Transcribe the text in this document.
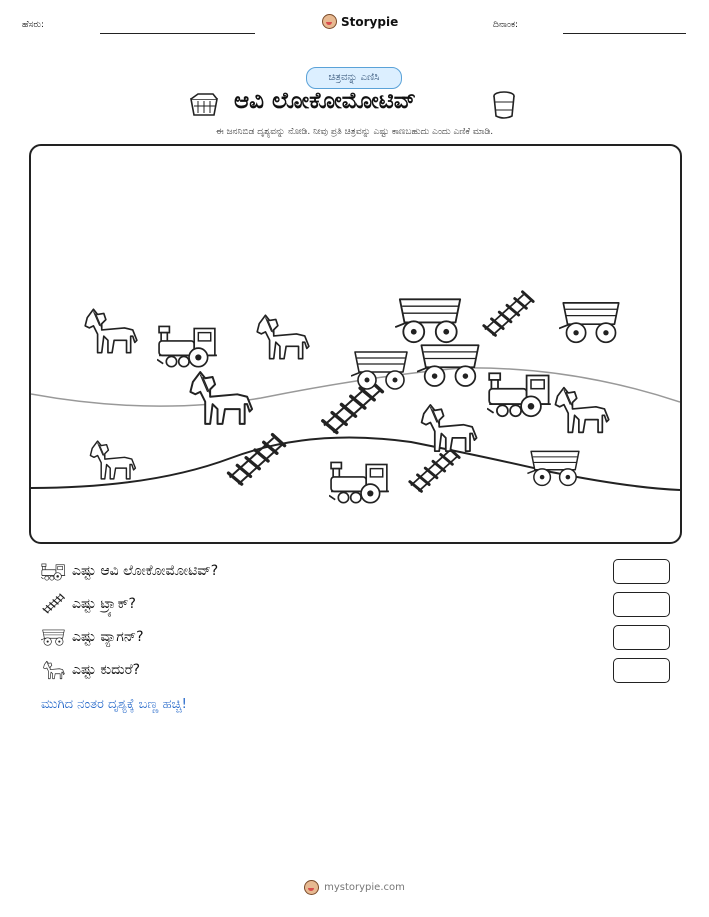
ಹೆಸರು:	Storypie	ದಿನಾಂಕ:
ಚಿತ್ರವನ್ನು ಎಣಿಸಿ
ಆವಿ ಲೋಕೋಮೋಟಿವ್
ಈ ಜನನಿಬಿಡ ದೃಶ್ಯವನ್ನು ನೋಡಿ. ನೀವು ಪ್ರತಿ ಚಿತ್ರವನ್ನು ಎಷ್ಟು ಕಾಣಬಹುದು ಎಂದು ಎಣಿಕೆ ಮಾಡಿ.
ಎಷ್ಟು ಆವಿ ಲೋಕೋಮೋಟಿವ್?
ಎಷ್ಟು ಟ್ರ್ಯಾಕ್?
ಎಷ್ಟು ವ್ಯಾಗನ್?
ಎಷ್ಟು ಕುದುರೆ?
ಮುಗಿದ ನಂತರ ದೃಶ್ಯಕ್ಕೆ ಬಣ್ಣ ಹಚ್ಚಿ!
mystorypie.com
